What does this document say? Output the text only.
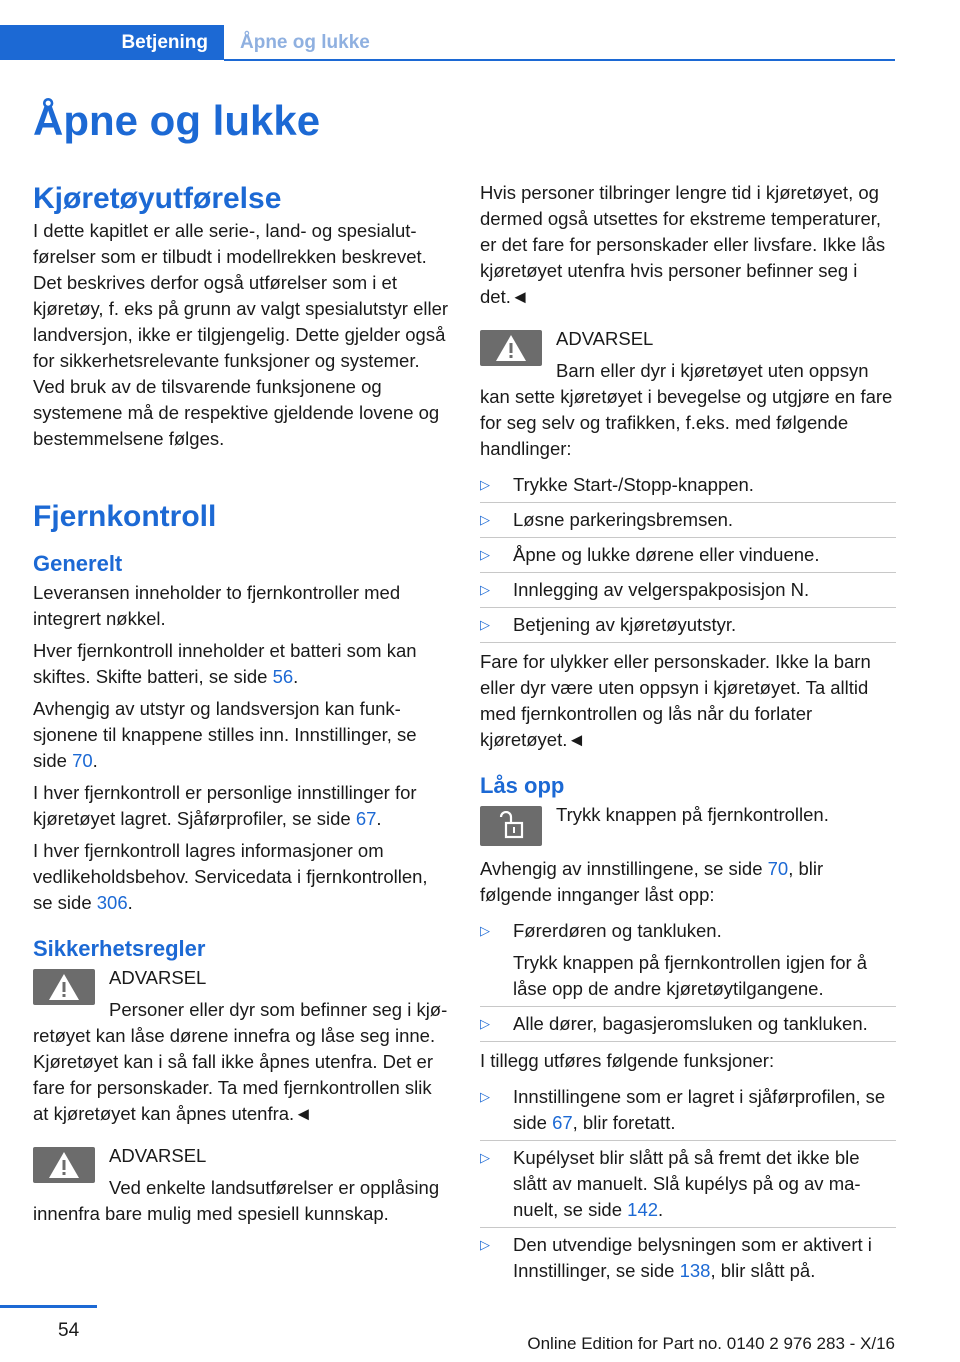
Betjening	Åpne og lukke
Åpne og lukke
Kjøretøyutførelse

I dette kapitlet er alle serie-, land- og spesialutførelser som er tilbudt i modellrekken beskrevet. Det beskrives derfor også utførelser som i et kjøretøy, f. eks på grunn av valgt spesialutstyr eller landversjon, ikke er tilgjengelig. Dette gjelder også for sikkerhetsrelevante funksjoner og systemer. Ved bruk av de tilsvarende funksjonene og systemene må de respektive gjeldende lovene og bestemmelsene følges.

Fjernkontroll
Generelt

Leveransen inneholder to fjernkontroller med integrert nøkkel.

Hver fjernkontroll inneholder et batteri som kan skiftes. Skifte batteri, se side 56.

Avhengig av utstyr og landsversjon kan funksjonene til knappene stilles inn. Innstillinger, se side 70.

I hver fjernkontroll er personlige innstillinger for kjøretøyet lagret. Sjåførprofiler, se side 67.

I hver fjernkontroll lagres informasjoner om vedlikeholdsbehov. Servicedata i fjernkontrollen, se side 306.

Sikkerhetsregler

ADVARSEL

Personer eller dyr som befinner seg i kjøretøyet kan låse dørene innefra og låse seg inne. Kjøretøyet kan i så fall ikke åpnes utenfra. Det er fare for personskader. Ta med fjernkontrollen slik at kjøretøyet kan åpnes utenfra.◄

ADVARSEL

Ved enkelte landsutførelser er opplåsing innenfra bare mulig med spesiell kunnskap.

Hvis personer tilbringer lengre tid i kjøretøyet, og dermed også utsettes for ekstreme temperaturer, er det fare for personskader eller livsfare. Ikke lås kjøretøyet utenfra hvis personer befinner seg i det.◄

ADVARSEL

Barn eller dyr i kjøretøyet uten oppsyn kan sette kjøretøyet i bevegelse og utgjøre en fare for seg selv og trafikken, f.eks. med følgende handlinger:

▷ Trykke Start-/Stopp-knappen.
▷ Løsne parkeringsbremsen.
▷ Åpne og lukke dørene eller vinduene.
▷ Innlegging av velgerspakposisjon N.
▷ Betjening av kjøretøyutstyr.

Fare for ulykker eller personskader. Ikke la barn eller dyr være uten oppsyn i kjøretøyet. Ta alltid med fjernkontrollen og lås når du forlater kjøretøyet.◄

Lås opp

Trykk knappen på fjernkontrollen.

Avhengig av innstillingene, se side 70, blir følgende innganger låst opp:

▷ Førerdøren og tankluken.
Trykk knappen på fjernkontrollen igjen for å låse opp de andre kjøretøytilgangene.
▷ Alle dører, bagasjeromsluken og tankluken.

I tillegg utføres følgende funksjoner:

▷ Innstillingene som er lagret i sjåførprofilen, se side 67, blir foretatt.
▷ Kupélyset blir slått på så fremt det ikke ble slått av manuelt. Slå kupélys på og av manuelt, se side 142.
▷ Den utvendige belysningen som er aktivert i Innstillinger, se side 138, blir slått på.
54
Online Edition for Part no. 0140 2 976 283 - X/16
